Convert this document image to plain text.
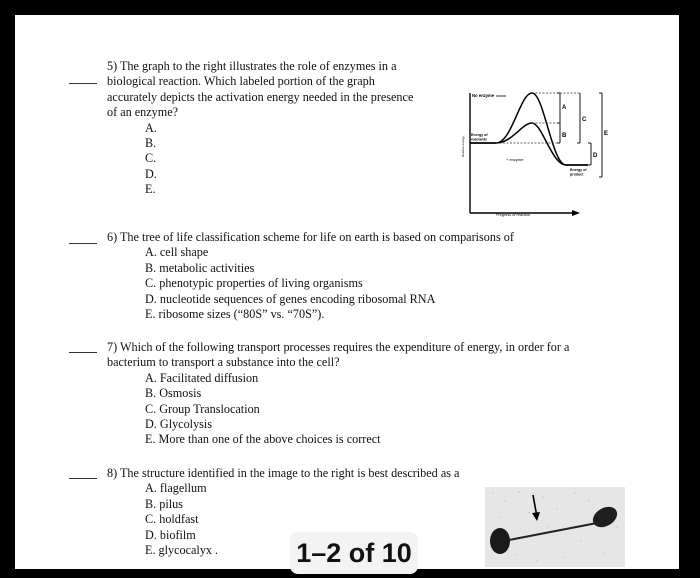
5) The graph to the right illustrates the role of enzymes in a
biological reaction. Which labeled portion of the graph
accurately depicts the activation energy needed in the presence
of an enzyme?
A.
B.
C.
D.
E.
Relative energy
Progress of reaction
A
B
C
D
E
No enzyme
Energy of
reactants
+ enzyme
Energy of
product
6) The tree of life classification scheme for life on earth is based on comparisons of
A. cell shape
B. metabolic activities
C. phenotypic properties of living organisms
D. nucleotide sequences of genes encoding ribosomal RNA
E. ribosome sizes (“80S” vs. “70S”).
7) Which of the following transport processes requires the expenditure of energy, in order for a
bacterium to transport a substance into the cell?
A. Facilitated diffusion
B. Osmosis
C. Group Translocation
D. Glycolysis
E. More than one of the above choices is correct
8) The structure identified in the image to the right is best described as a
A. flagellum
B. pilus
C. holdfast
D. biofilm
E. glycocalyx .	1–2 of 10
